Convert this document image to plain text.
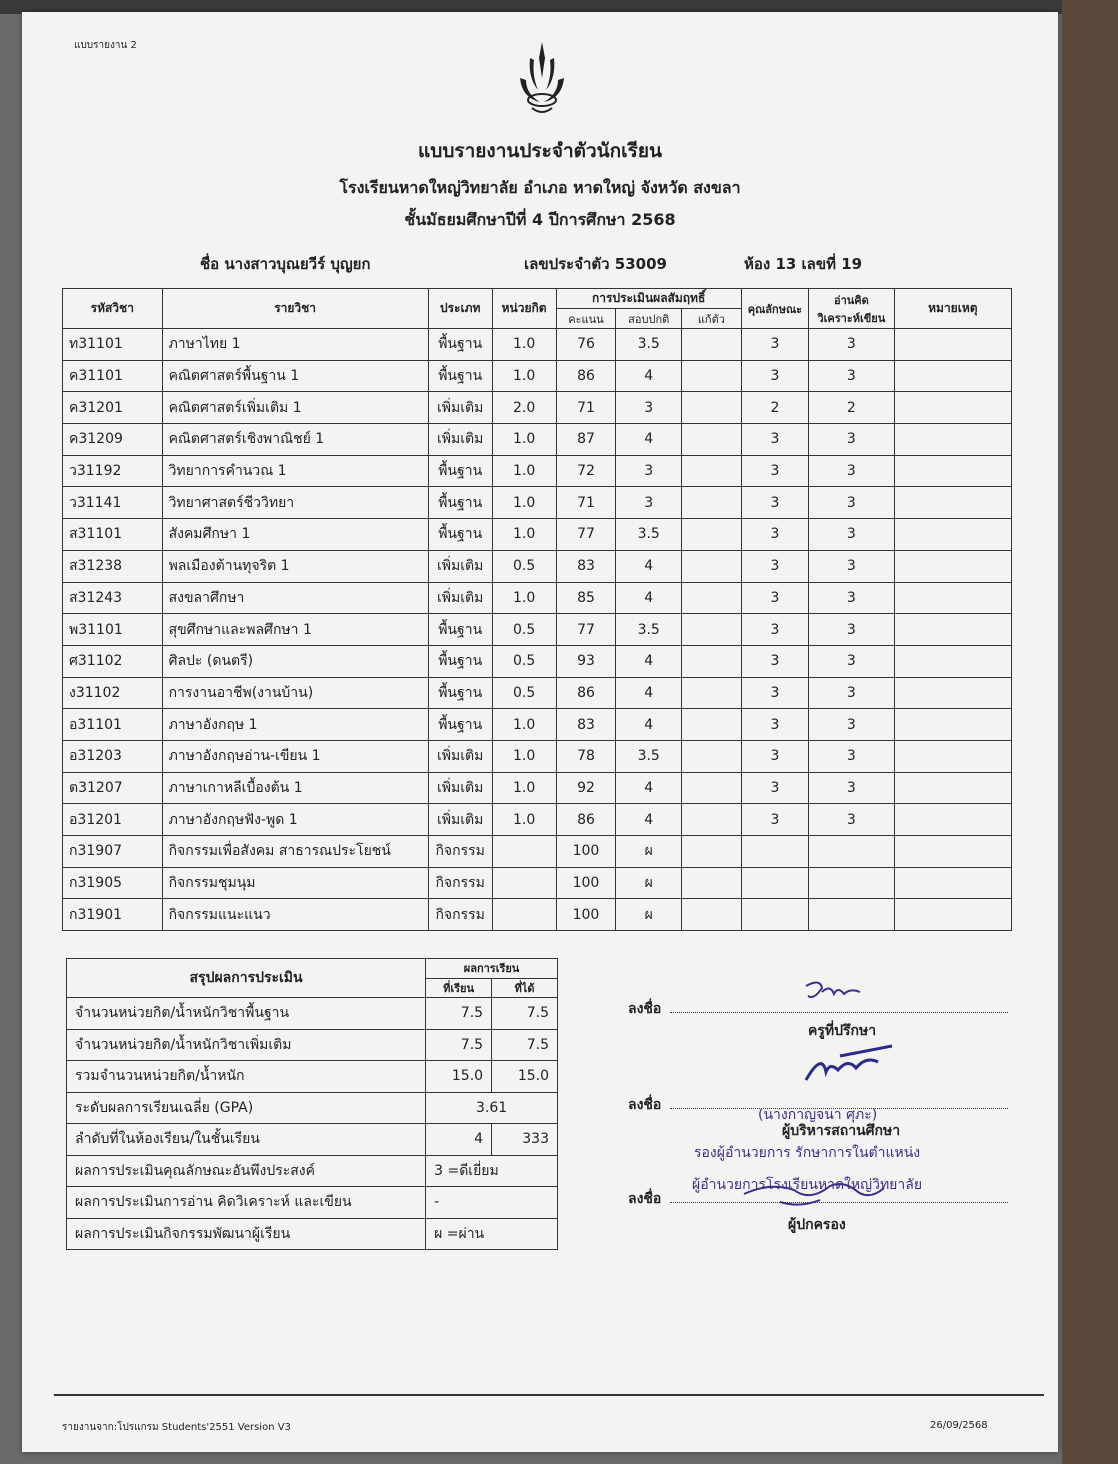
แบบรายงาน 2
แบบรายงานประจำตัวนักเรียน
โรงเรียนหาดใหญ่วิทยาลัย อำเภอ หาดใหญ่ จังหวัด สงขลา
ชั้นมัธยมศึกษาปีที่ 4 ปีการศึกษา 2568
ชื่อ นางสาวบุณยวีร์ บุญยก	เลขประจำตัว 53009	ห้อง 13 เลขที่ 19
รหัสวิชา	รายวิชา	ประเภท	หน่วยกิต	การประเมินผลสัมฤทธิ์			คุณลักษณะ	อ่านคิดวิเคราะห์เขียน	หมายเหตุ
				คะแนน	สอบปกติ	แก้ตัว			
ท31101	ภาษาไทย 1	พื้นฐาน	1.0	76	3.5		3	3	
ค31101	คณิตศาสตร์พื้นฐาน 1	พื้นฐาน	1.0	86	4		3	3	
ค31201	คณิตศาสตร์เพิ่มเติม 1	เพิ่มเติม	2.0	71	3		2	2	
ค31209	คณิตศาสตร์เชิงพาณิชย์ 1	เพิ่มเติม	1.0	87	4		3	3	
ว31192	วิทยาการคำนวณ 1	พื้นฐาน	1.0	72	3		3	3	
ว31141	วิทยาศาสตร์ชีววิทยา	พื้นฐาน	1.0	71	3		3	3	
ส31101	สังคมศึกษา 1	พื้นฐาน	1.0	77	3.5		3	3	
ส31238	พลเมืองต้านทุจริต 1	เพิ่มเติม	0.5	83	4		3	3	
ส31243	สงขลาศึกษา	เพิ่มเติม	1.0	85	4		3	3	
พ31101	สุขศึกษาและพลศึกษา 1	พื้นฐาน	0.5	77	3.5		3	3	
ศ31102	ศิลปะ (ดนตรี)	พื้นฐาน	0.5	93	4		3	3	
ง31102	การงานอาชีพ(งานบ้าน)	พื้นฐาน	0.5	86	4		3	3	
อ31101	ภาษาอังกฤษ 1	พื้นฐาน	1.0	83	4		3	3	
อ31203	ภาษาอังกฤษอ่าน-เขียน 1	เพิ่มเติม	1.0	78	3.5		3	3	
ต31207	ภาษาเกาหลีเบื้องต้น 1	เพิ่มเติม	1.0	92	4		3	3	
อ31201	ภาษาอังกฤษฟัง-พูด 1	เพิ่มเติม	1.0	86	4		3	3	
ก31907	กิจกรรมเพื่อสังคม สาธารณประโยชน์	กิจกรรม		100	ผ				
ก31905	กิจกรรมชุมนุม	กิจกรรม		100	ผ				
ก31901	กิจกรรมแนะแนว	กิจกรรม		100	ผ				
สรุปผลการประเมิน	ผลการเรียน	
	ที่เรียน	ที่ได้
จำนวนหน่วยกิต/น้ำหนักวิชาพื้นฐาน	7.5	7.5
จำนวนหน่วยกิต/น้ำหนักวิชาเพิ่มเติม	7.5	7.5
รวมจำนวนหน่วยกิต/น้ำหนัก	15.0	15.0
ระดับผลการเรียนเฉลี่ย (GPA)	3.61	
ลำดับที่ในห้องเรียน/ในชั้นเรียน	4	333
ผลการประเมินคุณลักษณะอันพึงประสงค์	3 =ดีเยี่ยม	
ผลการประเมินการอ่าน คิดวิเคราะห์ และเขียน	-	
ผลการประเมินกิจกรรมพัฒนาผู้เรียน	ผ =ผ่าน	
ลงชื่อ
ครูที่ปรึกษา
ลงชื่อ
(นางกาญจนา ศุภะ)
ผู้บริหารสถานศึกษา
รองผู้อำนวยการ รักษาการในตำแหน่ง
ผู้อำนวยการโรงเรียนหาดใหญ่วิทยาลัย
ลงชื่อ
ผู้ปกครอง
รายงานจาก:โปรแกรม Students'2551 Version V3	26/09/2568
